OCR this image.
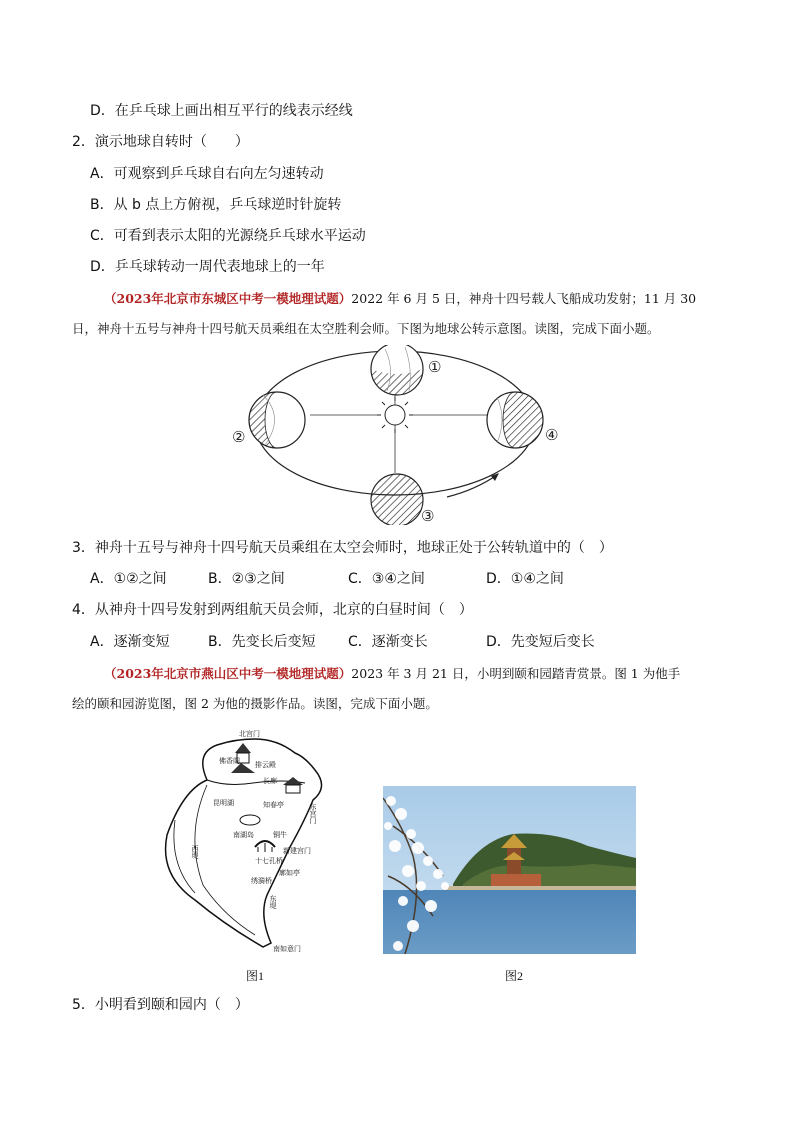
D．在乒乓球上画出相互平行的线表示经线
2．演示地球自转时（　　）
A．可观察到乒乓球自右向左匀速转动
B．从 b 点上方俯视，乒乓球逆时针旋转
C．可看到表示太阳的光源绕乒乓球水平运动
D．乒乓球转动一周代表地球上的一年
（2023年北京市东城区中考一模地理试题）2022 年 6 月 5 日，神舟十四号载人飞船成功发射；11 月 30
日，神舟十五号与神舟十四号航天员乘组在太空胜利会师。下图为地球公转示意图。读图，完成下面小题。
①
②
③
④
3．神舟十五号与神舟十四号航天员乘组在太空会师时，地球正处于公转轨道中的（　）
A．①②之间	B．②③之间	C．③④之间	D．①④之间
4．从神舟十四号发射到两组航天员会师，北京的白昼时间（　）
A．逐渐变短	B．先变长后变短 C．逐渐变长	D．先变短后变长
（2023年北京市燕山区中考一模地理试题）2023 年 3 月 21 日，小明到颐和园踏青赏景。图 1 为他手
绘的颐和园游览图，图 2 为他的摄影作品。读图，完成下面小题。
北宫门
佛香阁 排云殿
长廊
昆明湖	东宫门
知春亭
南湖岛
十七孔桥
铜牛
廓如亭
西堤
东堤
新建宫门
绣漪桥
南如意门
图1	图2
5．小明看到颐和园内（　）
